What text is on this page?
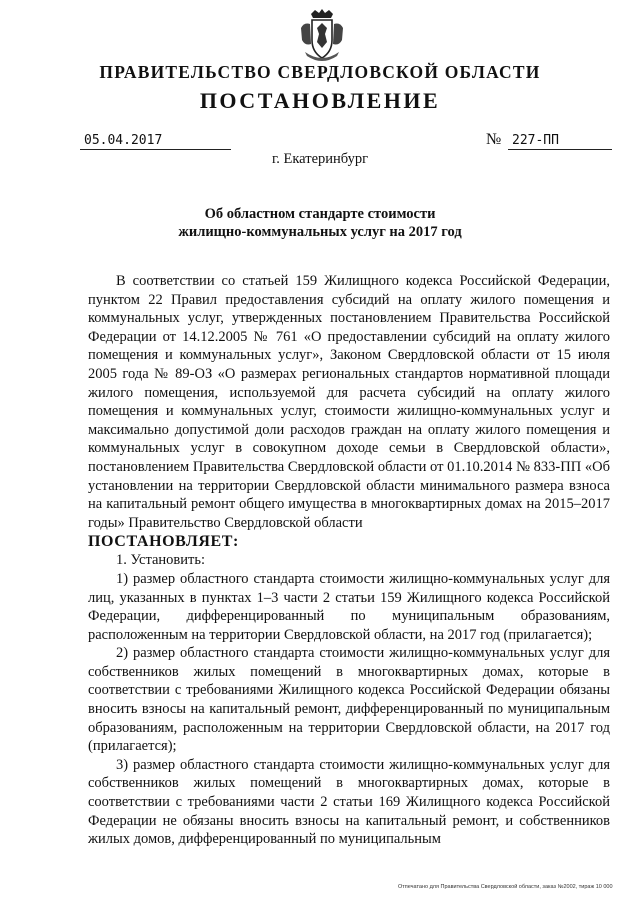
ПРАВИТЕЛЬСТВО СВЕРДЛОВСКОЙ ОБЛАСТИ
ПОСТАНОВЛЕНИЕ
05.04.2017	№ 227-ПП
г. Екатеринбург
Об областном стандарте стоимости
жилищно-коммунальных услуг на 2017 год

В соответствии со статьей 159 Жилищного кодекса Российской Федерации, пунктом 22 Правил предоставления субсидий на оплату жилого помещения и коммунальных услуг, утвержденных постановлением Правительства Российской Федерации от 14.12.2005 № 761 «О предоставлении субсидий на оплату жилого помещения и коммунальных услуг», Законом Свердловской области от 15 июля 2005 года № 89-ОЗ «О размерах региональных стандартов нормативной площади жилого помещения, используемой для расчета субсидий на оплату жилого помещения и коммунальных услуг, стоимости жилищно-коммунальных услуг и максимально допустимой доли расходов граждан на оплату жилого помещения и коммунальных услуг в совокупном доходе семьи в Свердловской области», постановлением Правительства Свердловской области от 01.10.2014 № 833-ПП «Об установлении на территории Свердловской области минимального размера взноса на капитальный ремонт общего имущества в многоквартирных домах на 2015–2017 годы» Правительство Свердловской области

ПОСТАНОВЛЯЕТ:

1. Установить:

1) размер областного стандарта стоимости жилищно-коммунальных услуг для лиц, указанных в пунктах 1–3 части 2 статьи 159 Жилищного кодекса Российской Федерации, дифференцированный по муниципальным образованиям, расположенным на территории Свердловской области, на 2017 год (прилагается);

2) размер областного стандарта стоимости жилищно-коммунальных услуг для собственников жилых помещений в многоквартирных домах, которые в соответствии с требованиями Жилищного кодекса Российской Федерации обязаны вносить взносы на капитальный ремонт, дифференцированный по муниципальным образованиям, расположенным на территории Свердловской области, на 2017 год (прилагается);

3) размер областного стандарта стоимости жилищно-коммунальных услуг для собственников жилых помещений в многоквартирных домах, которые в соответствии с требованиями части 2 статьи 169 Жилищного кодекса Российской Федерации не обязаны вносить взносы на капитальный ремонт, и собственников жилых домов, дифференцированный по муниципальным

Отпечатано для Правительства Свердловской области, заказ №2002, тираж 10 000
